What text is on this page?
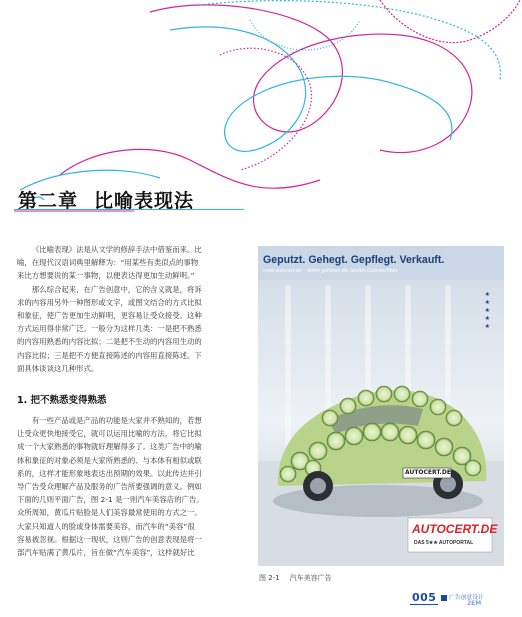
第二章 比喻表现法

《比喻表现》法是从文学的修辞手法中借鉴而来。比

喻，在现代汉语词典里解释为：“用某些有类似点的事物

来比方想要说的某一事物，以便表达得更加生动鲜明。”

那么综合起来，在广告创意中，它的含义就是，将诉

求的内容用另外一种图形或文字，或图文结合的方式比拟

和象征，使广告更加生动鲜明，更容易让受众接受。这种

方式运用得非常广泛。一般分为这样几类：一是把不熟悉

的内容用熟悉的内容比拟；二是把不生动的内容用生动的

内容比拟；三是把不方便直接陈述的内容用直接陈述。下

面具体谈谈这几种形式。

1. 把不熟悉变得熟悉

有一些产品或是产品的功能是大家并不熟知的，若想

让受众更快地接受它，就可以运用比喻的方法，将它比拟

成一个大家熟悉的事物就好理解得多了。这类广告中的喻

体和象征的对象必须是大家所熟悉的、与本体有相似或联

系的，这样才能形象地表达出预期的效果。以此传达并引

导广告受众理解产品及服务的广告所要强调的意义。例如

下面的几则平面广告，图 2-1 是一则汽车美容店的广告。

众所周知，黄瓜片贴脸是人们美容最常使用的方式之一。

大家只知道人的脸或身体需要美容，而汽车的“美容”很

容易被忽视。根据这一现状，这则广告的创意表现是将一

部汽车贴满了黄瓜片，旨在做“汽车美容”，这样就好比

Geputzt. Gehegt. Gepflegt. Verkauft.
www.autocert.de – dohin gehören die besten Gebrauchten.
★
★
★
★
★
AUTOCERT.DE
AUTOCERT.DE
DAS 5★★ AUTOPORTAL
图 2-1 汽车美容广告
005	广告创意设计
2EM
